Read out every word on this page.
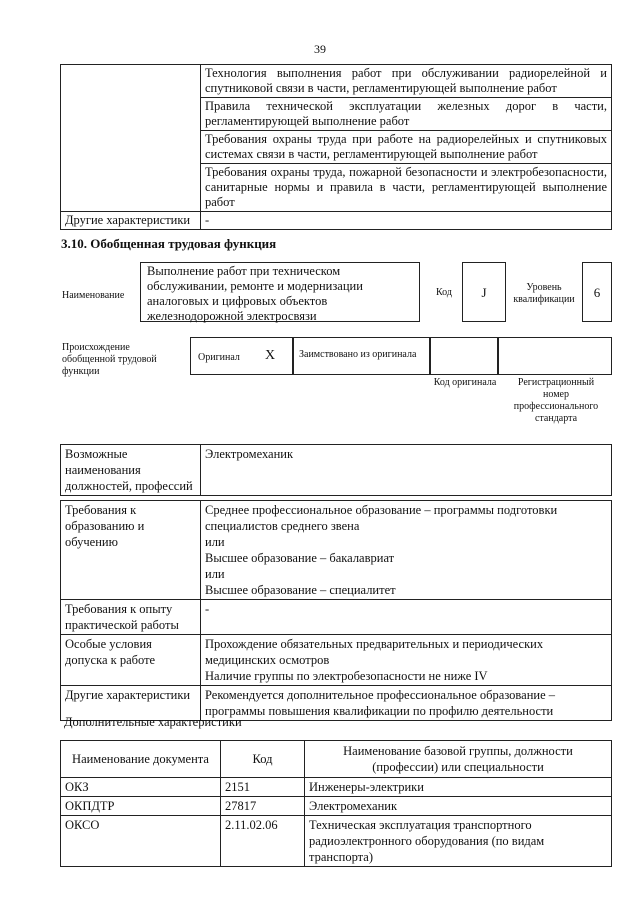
39
	Технология выполнения работ при обслуживании радиорелейной и спутниковой связи в части, регламентирующей выполнение работ
	Правила технической эксплуатации железных дорог в части, регламентирующей выполнение работ
	Требования охраны труда при работе на радиорелейных и спутниковых системах связи в части, регламентирующей выполнение работ
	Требования охраны труда, пожарной безопасности и электробезопасности, санитарные нормы и правила в части, регламентирующей выполнение работ
Другие характеристики	-
3.10. Обобщенная трудовая функция
Наименование
Выполнение работ при техническом обслуживании, ремонте и модернизации аналоговых и цифровых объектов железнодорожной электросвязи
Код	J	Уровень квалификации	6
Происхождение обобщенной трудовой функции
Оригинал X	Заимствовано из оригинала
Код оригинала	Регистрационный номер профессионального стандарта
Возможные наименования должностей, профессий	Электромеханик
Требования к образованию и обучению	Среднее профессиональное образование – программы подготовки специалистов среднего звена
или
Высшее образование – бакалавриат
или
Высшее образование – специалитет

Требования к опыту практической работы	-
Особые условия допуска к работе	Прохождение обязательных предварительных и периодических медицинских осмотров
Наличие группы по электробезопасности не ниже IV

Другие характеристики	Рекомендуется дополнительное профессиональное образование – программы повышения квалификации по профилю деятельности
Дополнительные характеристики
Наименование документа	Код	Наименование базовой группы, должности (профессии) или специальности
ОКЗ	2151	Инженеры-электрики
ОКПДТР	27817	Электромеханик
ОКСО	2.11.02.06	Техническая эксплуатация транспортного радиоэлектронного оборудования (по видам транспорта)
